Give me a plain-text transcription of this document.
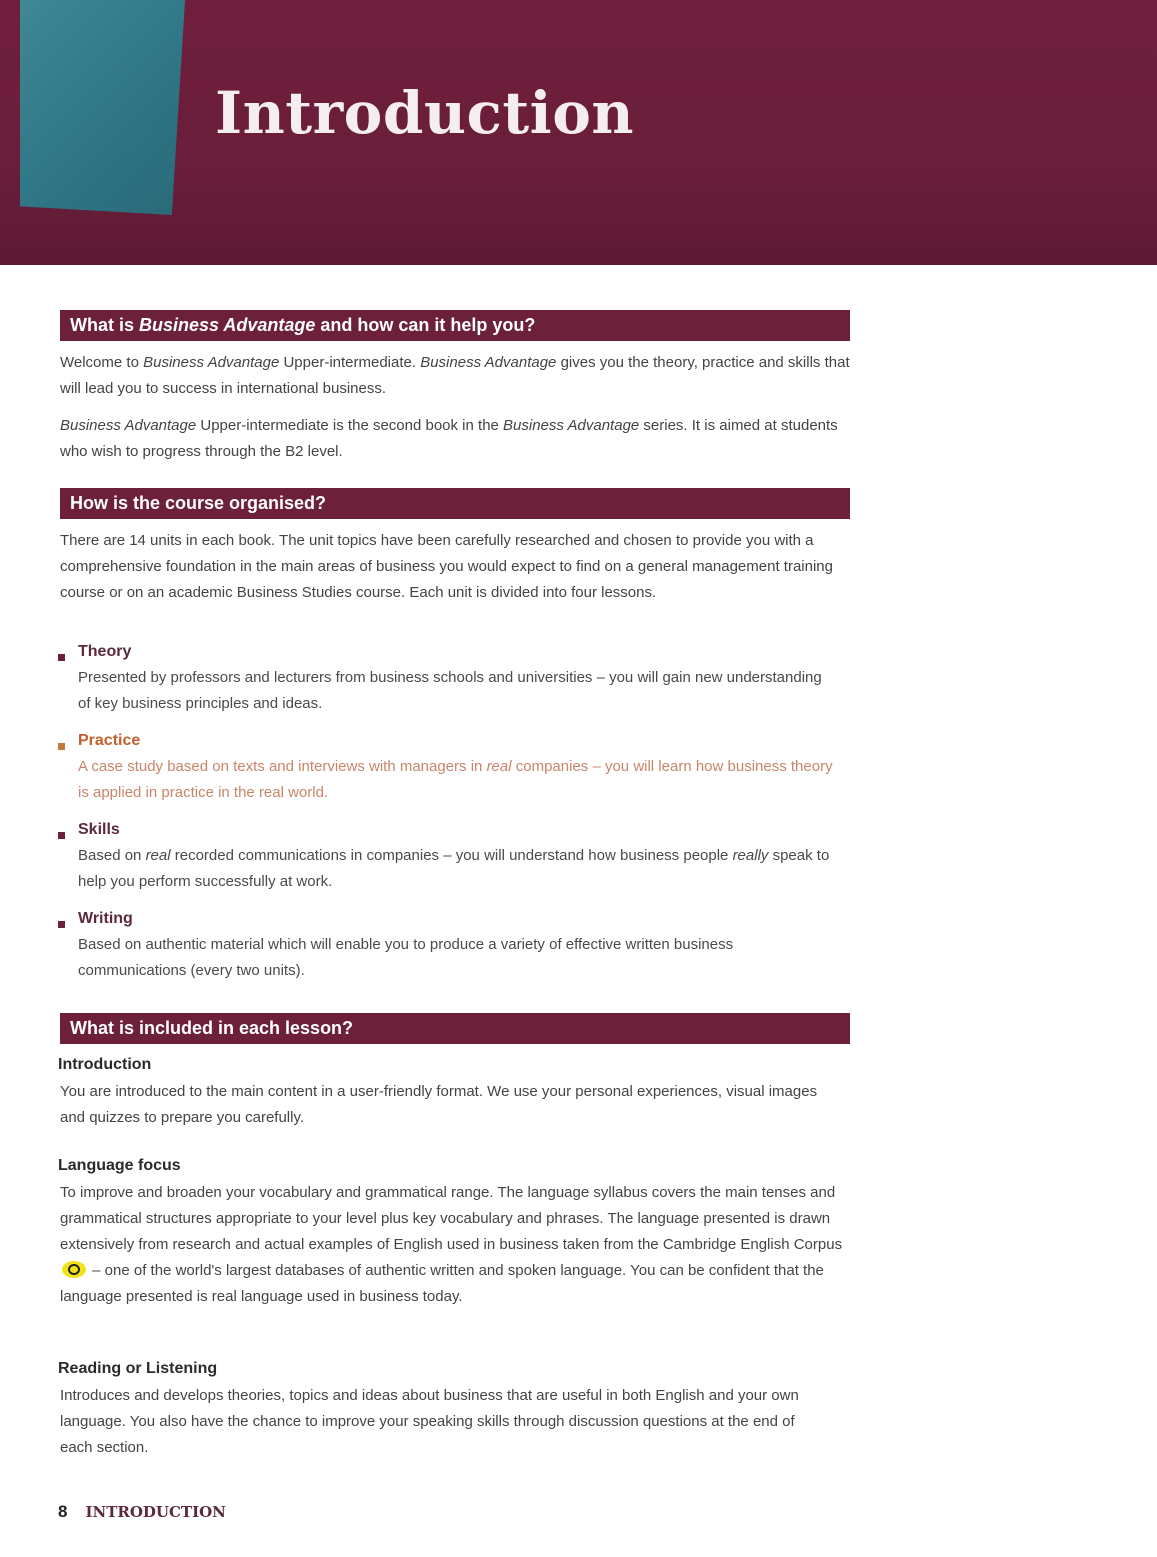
Introduction
What is Business Advantage and how can it help you?

Welcome to Business Advantage Upper-intermediate. Business Advantage gives you the theory, practice and skills that will lead you to success in international business.

Business Advantage Upper-intermediate is the second book in the Business Advantage series. It is aimed at students who wish to progress through the B2 level.

How is the course organised?

There are 14 units in each book. The unit topics have been carefully researched and chosen to provide you with a comprehensive foundation in the main areas of business you would expect to find on a general management training course or on an academic Business Studies course. Each unit is divided into four lessons.

Theory

Presented by professors and lecturers from business schools and universities – you will gain new understanding of key business principles and ideas.

Practice

A case study based on texts and interviews with managers in real companies – you will learn how business theory is applied in practice in the real world.

Skills

Based on real recorded communications in companies – you will understand how business people really speak to help you perform successfully at work.

Writing

Based on authentic material which will enable you to produce a variety of effective written business communications (every two units).

What is included in each lesson?
Introduction

You are introduced to the main content in a user-friendly format. We use your personal experiences, visual images and quizzes to prepare you carefully.

Language focus

To improve and broaden your vocabulary and grammatical range. The language syllabus covers the main tenses and grammatical structures appropriate to your level plus key vocabulary and phrases. The language presented is drawn extensively from research and actual examples of English used in business taken from the Cambridge English Corpus – one of the world's largest databases of authentic written and spoken language. You can be confident that the language presented is real language used in business today.

Reading or Listening

Introduces and develops theories, topics and ideas about business that are useful in both English and your own language. You also have the chance to improve your speaking skills through discussion questions at the end of each section.

8 INTRODUCTION
